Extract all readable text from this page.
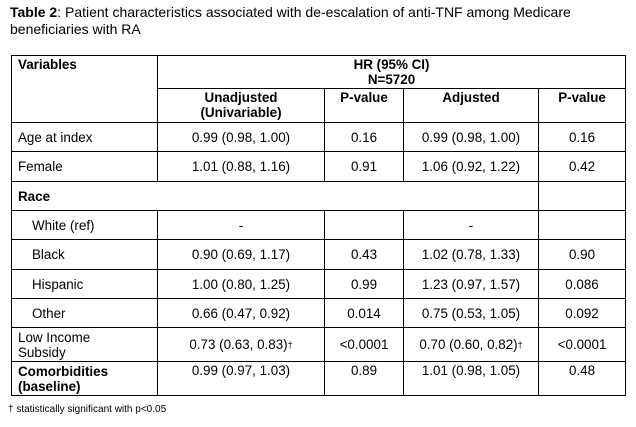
Table 2: Patient characteristics associated with de-escalation of anti-TNF among Medicare beneficiaries with RA
Variables	HR (95% CI)
N=5720			

	Unadjusted
(Univariable)	P-value	Adjusted	P-value
Age at index	0.99 (0.98, 1.00)	0.16	0.99 (0.98, 1.00)	0.16
Female	1.01 (0.88, 1.16)	0.91	1.06 (0.92, 1.22)	0.42
Race				
White (ref)	-		-	
Black	0.90 (0.69, 1.17)	0.43	1.02 (0.78, 1.33)	0.90
Hispanic	1.00 (0.80, 1.25)	0.99	1.23 (0.97, 1.57)	0.086
Other	0.66 (0.47, 0.92)	0.014	0.75 (0.53, 1.05)	0.092

Low Income
Subsidy	0.73 (0.63, 0.83)†	<0.0001	0.70 (0.60, 0.82)†	<0.0001

Comorbidities
(baseline)	0.99 (0.97, 1.03)	0.89	1.01 (0.98, 1.05)	0.48
† statistically significant with p<0.05
